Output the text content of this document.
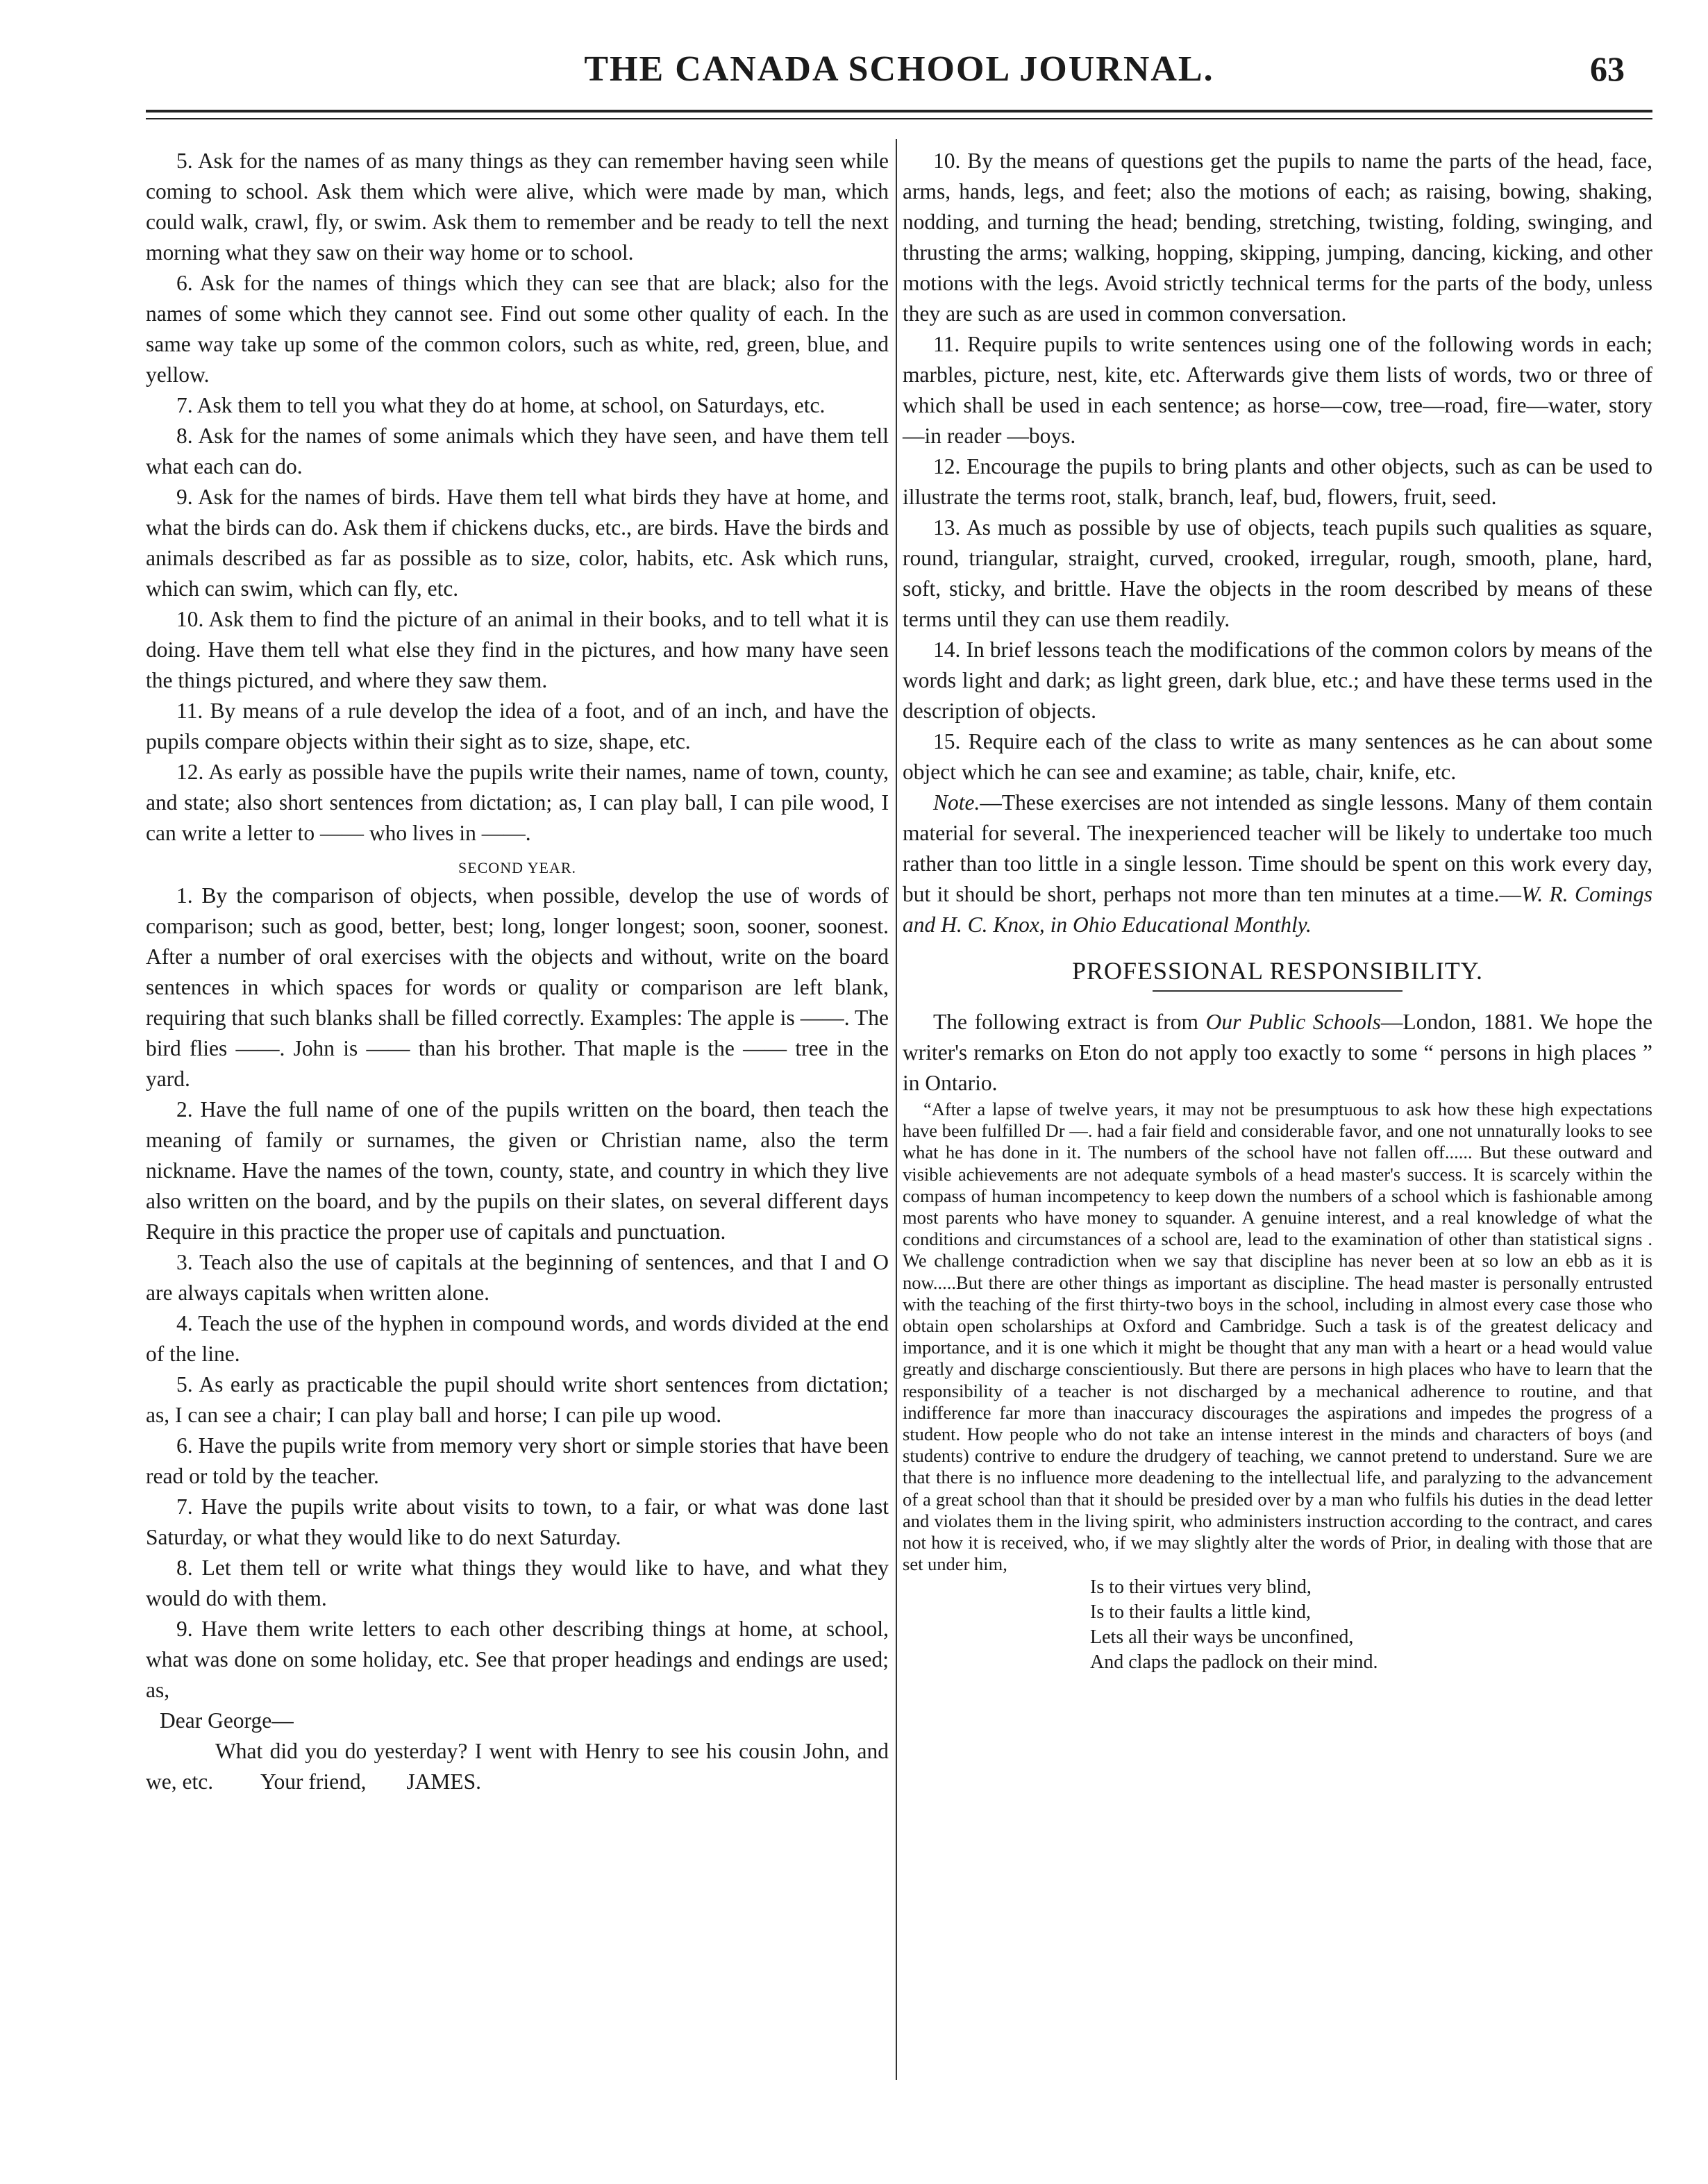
THE CANADA SCHOOL JOURNAL.	63

5. Ask for the names of as many things as they can remember having seen while coming to school. Ask them which were alive, which were made by man, which could walk, crawl, fly, or swim. Ask them to remember and be ready to tell the next morning what they saw on their way home or to school.

6. Ask for the names of things which they can see that are black; also for the names of some which they cannot see. Find out some other quality of each. In the same way take up some of the common colors, such as white, red, green, blue, and yellow.

7. Ask them to tell you what they do at home, at school, on Saturdays, etc.

8. Ask for the names of some animals which they have seen, and have them tell what each can do.

9. Ask for the names of birds. Have them tell what birds they have at home, and what the birds can do. Ask them if chickens ducks, etc., are birds. Have the birds and animals described as far as possible as to size, color, habits, etc. Ask which runs, which can swim, which can fly, etc.

10. Ask them to find the picture of an animal in their books, and to tell what it is doing. Have them tell what else they find in the pictures, and how many have seen the things pictured, and where they saw them.

11. By means of a rule develop the idea of a foot, and of an inch, and have the pupils compare objects within their sight as to size, shape, etc.

12. As early as possible have the pupils write their names, name of town, county, and state; also short sentences from dictation; as, I can play ball, I can pile wood, I can write a letter to —— who lives in ——.

SECOND YEAR.

1. By the comparison of objects, when possible, develop the use of words of comparison; such as good, better, best; long, longer longest; soon, sooner, soonest. After a number of oral exercises with the objects and without, write on the board sentences in which spaces for words or quality or comparison are left blank, requiring that such blanks shall be filled correctly. Examples: The apple is ——. The bird flies ——. John is —— than his brother. That maple is the —— tree in the yard.

2. Have the full name of one of the pupils written on the board, then teach the meaning of family or surnames, the given or Christian name, also the term nickname. Have the names of the town, county, state, and country in which they live also written on the board, and by the pupils on their slates, on several different days Require in this practice the proper use of capitals and punctuation.

3. Teach also the use of capitals at the beginning of sentences, and that I and O are always capitals when written alone.

4. Teach the use of the hyphen in compound words, and words divided at the end of the line.

5. As early as practicable the pupil should write short sentences from dictation; as, I can see a chair; I can play ball and horse; I can pile up wood.

6. Have the pupils write from memory very short or simple stories that have been read or told by the teacher.

7. Have the pupils write about visits to town, to a fair, or what was done last Saturday, or what they would like to do next Saturday.

8. Let them tell or write what things they would like to have, and what they would do with them.

9. Have them write letters to each other describing things at home, at school, what was done on some holiday, etc. See that proper headings and endings are used; as,

Dear George—

What did you do yesterday? I went with Henry to see his cousin John, and we, etc. Your friend, JAMES.

10. By the means of questions get the pupils to name the parts of the head, face, arms, hands, legs, and feet; also the motions of each; as raising, bowing, shaking, nodding, and turning the head; bending, stretching, twisting, folding, swinging, and thrusting the arms; walking, hopping, skipping, jumping, dancing, kicking, and other motions with the legs. Avoid strictly technical terms for the parts of the body, unless they are such as are used in common conversation.

11. Require pupils to write sentences using one of the following words in each; marbles, picture, nest, kite, etc. Afterwards give them lists of words, two or three of which shall be used in each sentence; as horse—cow, tree—road, fire—water, story—in reader —boys.

12. Encourage the pupils to bring plants and other objects, such as can be used to illustrate the terms root, stalk, branch, leaf, bud, flowers, fruit, seed.

13. As much as possible by use of objects, teach pupils such qualities as square, round, triangular, straight, curved, crooked, irregular, rough, smooth, plane, hard, soft, sticky, and brittle. Have the objects in the room described by means of these terms until they can use them readily.

14. In brief lessons teach the modifications of the common colors by means of the words light and dark; as light green, dark blue, etc.; and have these terms used in the description of objects.

15. Require each of the class to write as many sentences as he can about some object which he can see and examine; as table, chair, knife, etc.

Note.—These exercises are not intended as single lessons. Many of them contain material for several. The inexperienced teacher will be likely to undertake too much rather than too little in a single lesson. Time should be spent on this work every day, but it should be short, perhaps not more than ten minutes at a time.—W. R. Comings and H. C. Knox, in Ohio Educational Monthly.

PROFESSIONAL RESPONSIBILITY.

The following extract is from Our Public Schools—London, 1881. We hope the writer's remarks on Eton do not apply too exactly to some “ persons in high places ” in Ontario.

“After a lapse of twelve years, it may not be presumptuous to ask how these high expectations have been fulfilled Dr —. had a fair field and considerable favor, and one not unnaturally looks to see what he has done in it. The numbers of the school have not fallen off...... But these outward and visible achievements are not adequate symbols of a head master's success. It is scarcely within the compass of human incompetency to keep down the numbers of a school which is fashionable among most parents who have money to squander. A genuine interest, and a real knowledge of what the conditions and circumstances of a school are, lead to the examination of other than statistical signs . We challenge contradiction when we say that discipline has never been at so low an ebb as it is now.....But there are other things as important as discipline. The head master is personally entrusted with the teaching of the first thirty-two boys in the school, including in almost every case those who obtain open scholarships at Oxford and Cambridge. Such a task is of the greatest delicacy and importance, and it is one which it might be thought that any man with a heart or a head would value greatly and discharge conscientiously. But there are persons in high places who have to learn that the responsibility of a teacher is not discharged by a mechanical adherence to routine, and that indifference far more than inaccuracy discourages the aspirations and impedes the progress of a student. How people who do not take an intense interest in the minds and characters of boys (and students) contrive to endure the drudgery of teaching, we cannot pretend to understand. Sure we are that there is no influence more deadening to the intellectual life, and paralyzing to the advancement of a great school than that it should be presided over by a man who fulfils his duties in the dead letter and violates them in the living spirit, who administers instruction according to the contract, and cares not how it is received, who, if we may slightly alter the words of Prior, in dealing with those that are set under him,

Is to their virtues very blind,
Is to their faults a little kind,
Lets all their ways be unconfined,
And claps the padlock on their mind.
